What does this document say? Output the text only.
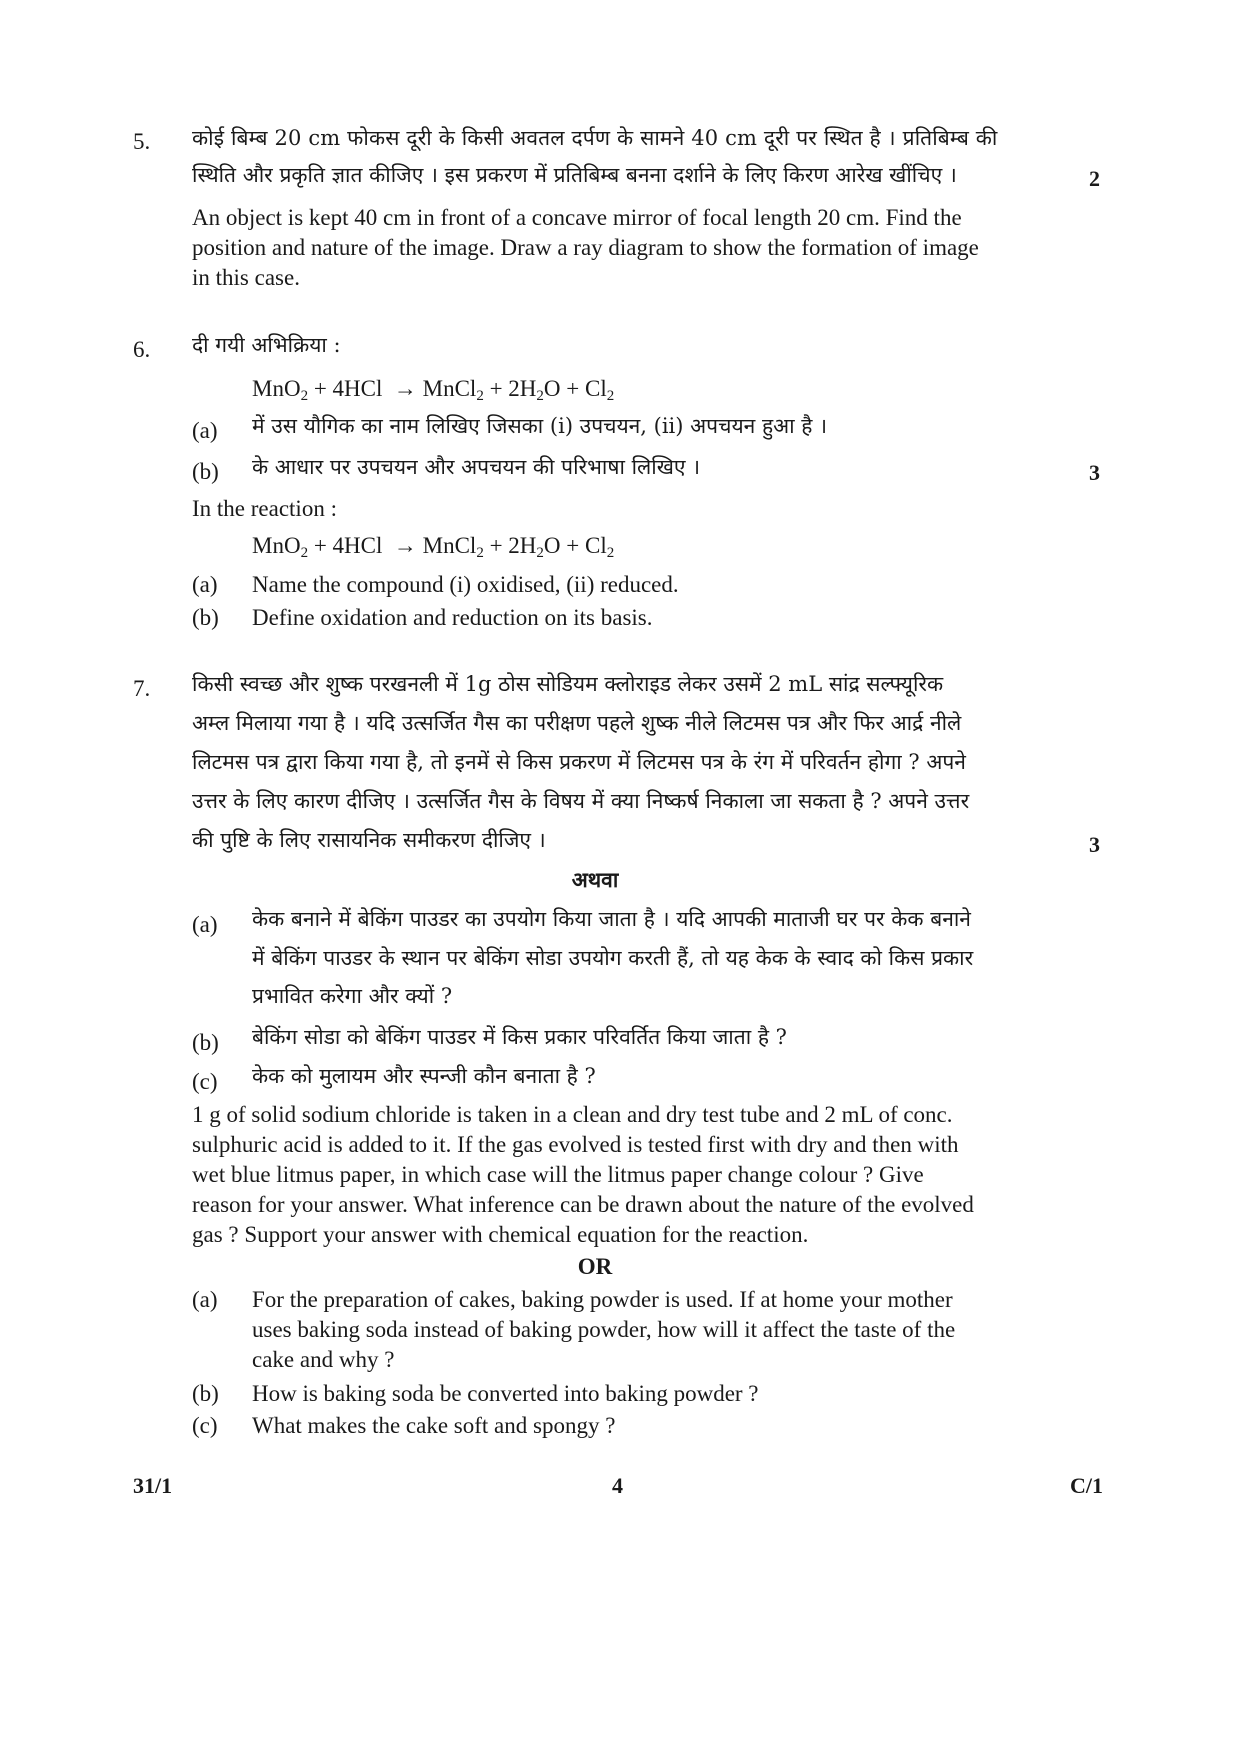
5. कोई बिम्ब 20 cm फोकस दूरी के किसी अवतल दर्पण के सामने 40 cm दूरी पर स्थित है । प्रतिबिम्ब की
स्थिति और प्रकृति ज्ञात कीजिए । इस प्रकरण में प्रतिबिम्ब बनना दर्शाने के लिए किरण आरेख खींचिए ।	2
An object is kept 40 cm in front of a concave mirror of focal length 20 cm. Find the
position and nature of the image. Draw a ray diagram to show the formation of image
in this case.
6. दी गयी अभिक्रिया :
MnO$_2$ + 4HCl  → MnCl$_2$ + $2H_2O + Cl_2$
(a) में उस यौगिक का नाम लिखिए जिसका (i) उपचयन, (ii) अपचयन हुआ है ।
(b) के आधार पर उपचयन और अपचयन की परिभाषा लिखिए ।	3
In the reaction :
MnO$_2$ + 4HCl  → MnCl$_2$ + $2H_2O + Cl_2$
(a) Name the compound (i) oxidised, (ii) reduced.
(b) Define oxidation and reduction on its basis.
7. किसी स्वच्छ और शुष्क परखनली में 1g ठोस सोडियम क्लोराइड लेकर उसमें 2 mL सांद्र सल्फ्यूरिक
अम्ल मिलाया गया है । यदि उत्सर्जित गैस का परीक्षण पहले शुष्क नीले लिटमस पत्र और फिर आर्द्र नीले
लिटमस पत्र द्वारा किया गया है, तो इनमें से किस प्रकरण में लिटमस पत्र के रंग में परिवर्तन होगा ? अपने
उत्तर के लिए कारण दीजिए । उत्सर्जित गैस के विषय में क्या निष्कर्ष निकाला जा सकता है ? अपने उत्तर
की पुष्टि के लिए रासायनिक समीकरण दीजिए ।	3
अथवा
(a) केक बनाने में बेकिंग पाउडर का उपयोग किया जाता है । यदि आपकी माताजी घर पर केक बनाने
में बेकिंग पाउडर के स्थान पर बेकिंग सोडा उपयोग करती हैं, तो यह केक के स्वाद को किस प्रकार
प्रभावित करेगा और क्यों ?
(b) बेकिंग सोडा को बेकिंग पाउडर में किस प्रकार परिवर्तित किया जाता है ?
(c) केक को मुलायम और स्पन्जी कौन बनाता है ?
1 g of solid sodium chloride is taken in a clean and dry test tube and 2 mL of conc.
sulphuric acid is added to it. If the gas evolved is tested first with dry and then with
wet blue litmus paper, in which case will the litmus paper change colour ? Give
reason for your answer. What inference can be drawn about the nature of the evolved
gas ? Support your answer with chemical equation for the reaction.
OR
(a) For the preparation of cakes, baking powder is used. If at home your mother
uses baking soda instead of baking powder, how will it affect the taste of the
cake and why ?
(b) How is baking soda be converted into baking powder ?
(c) What makes the cake soft and spongy ?
31/1	4	C/1
